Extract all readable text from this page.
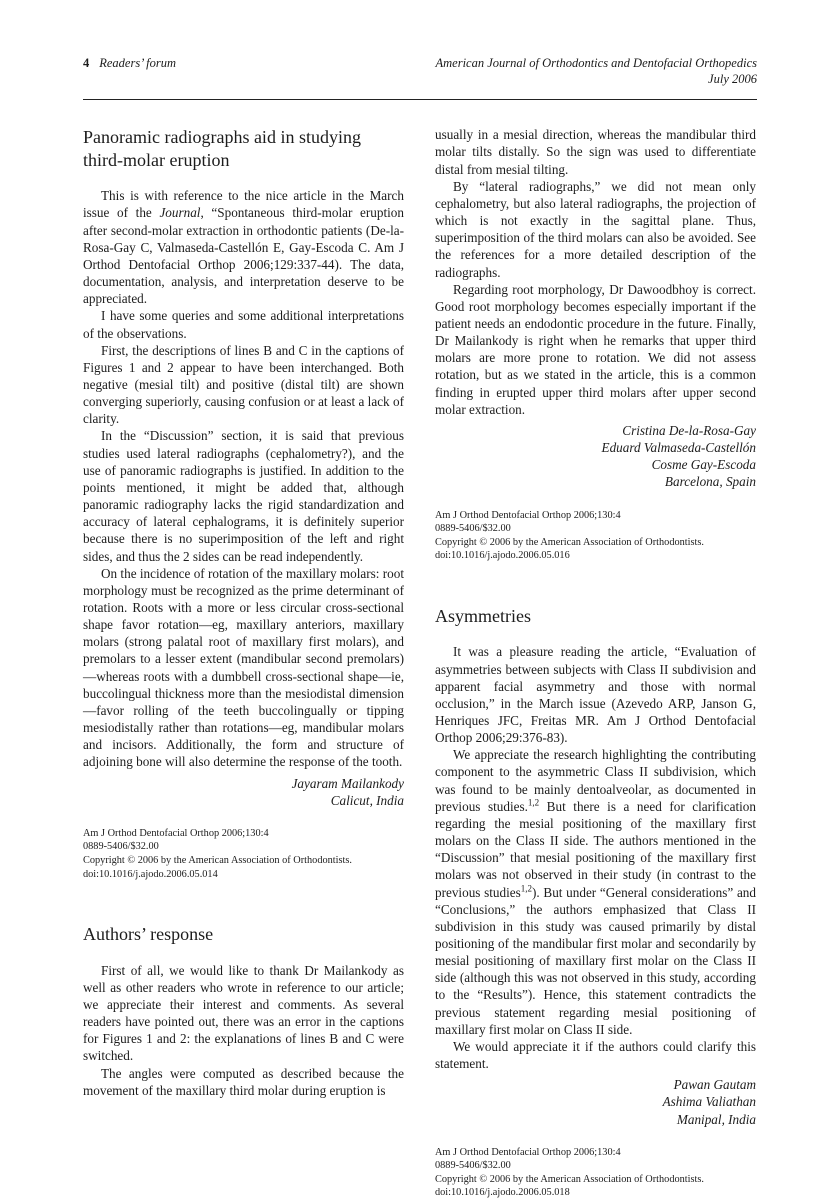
4 Readers’ forum	American Journal of Orthodontics and Dentofacial Orthopedics
July 2006
Panoramic radiographs aid in studying third-molar eruption

This is with reference to the nice article in the March issue of the Journal, “Spontaneous third-molar eruption after second-molar extraction in orthodontic patients (De-la-Rosa-Gay C, Valmaseda-Castellón E, Gay-Escoda C. Am J Orthod Dentofacial Orthop 2006;129:337-44). The data, documentation, analysis, and interpretation deserve to be appreciated.

I have some queries and some additional interpretations of the observations.

First, the descriptions of lines B and C in the captions of Figures 1 and 2 appear to have been interchanged. Both negative (mesial tilt) and positive (distal tilt) are shown converging superiorly, causing confusion or at least a lack of clarity.

In the “Discussion” section, it is said that previous studies used lateral radiographs (cephalometry?), and the use of panoramic radiographs is justified. In addition to the points mentioned, it might be added that, although panoramic radiography lacks the rigid standardization and accuracy of lateral cephalograms, it is definitely superior because there is no superimposition of the left and right sides, and thus the 2 sides can be read independently.

On the incidence of rotation of the maxillary molars: root morphology must be recognized as the prime determinant of rotation. Roots with a more or less circular cross-sectional shape favor rotation—eg, maxillary anteriors, maxillary molars (strong palatal root of maxillary first molars), and premolars to a lesser extent (mandibular second premolars)—whereas roots with a dumbbell cross-sectional shape—ie, buccolingual thickness more than the mesiodistal dimension—favor rolling of the teeth buccolingually or tipping mesiodistally rather than rotations—eg, mandibular molars and incisors. Additionally, the form and structure of adjoining bone will also determine the response of the tooth.

Jayaram Mailankody
Calicut, India
Am J Orthod Dentofacial Orthop 2006;130:4
0889-5406/$32.00
Copyright © 2006 by the American Association of Orthodontists.
doi:10.1016/j.ajodo.2006.05.014
Authors’ response

First of all, we would like to thank Dr Mailankody as well as other readers who wrote in reference to our article; we appreciate their interest and comments. As several readers have pointed out, there was an error in the captions for Figures 1 and 2: the explanations of lines B and C were switched.

The angles were computed as described because the movement of the maxillary third molar during eruption is

usually in a mesial direction, whereas the mandibular third molar tilts distally. So the sign was used to differentiate distal from mesial tilting.

By “lateral radiographs,” we did not mean only cephalometry, but also lateral radiographs, the projection of which is not exactly in the sagittal plane. Thus, superimposition of the third molars can also be avoided. See the references for a more detailed description of the radiographs.

Regarding root morphology, Dr Dawoodbhoy is correct. Good root morphology becomes especially important if the patient needs an endodontic procedure in the future. Finally, Dr Mailankody is right when he remarks that upper third molars are more prone to rotation. We did not assess rotation, but as we stated in the article, this is a common finding in erupted upper third molars after upper second molar extraction.

Cristina De-la-Rosa-Gay
Eduard Valmaseda-Castellón
Cosme Gay-Escoda
Barcelona, Spain
Am J Orthod Dentofacial Orthop 2006;130:4
0889-5406/$32.00
Copyright © 2006 by the American Association of Orthodontists.
doi:10.1016/j.ajodo.2006.05.016
Asymmetries

It was a pleasure reading the article, “Evaluation of asymmetries between subjects with Class II subdivision and apparent facial asymmetry and those with normal occlusion,” in the March issue (Azevedo ARP, Janson G, Henriques JFC, Freitas MR. Am J Orthod Dentofacial Orthop 2006;29:376-83).

We appreciate the research highlighting the contributing component to the asymmetric Class II subdivision, which was found to be mainly dentoalveolar, as documented in previous studies.$^{1,2}$ But there is a need for clarification regarding the mesial positioning of the maxillary first molars on the Class II side. The authors mentioned in the “Discussion” that mesial positioning of the maxillary first molars was not observed in their study (in contrast to the previous studies$^{1,2}$). But under “General considerations” and “Conclusions,” the authors emphasized that Class II subdivision in this study was caused primarily by distal positioning of the mandibular first molar and secondarily by mesial positioning of maxillary first molar on the Class II side (although this was not observed in this study, according to the “Results”). Hence, this statement contradicts the previous statement regarding mesial positioning of maxillary first molar on Class II side.

We would appreciate it if the authors could clarify this statement.

Pawan Gautam
Ashima Valiathan
Manipal, India
Am J Orthod Dentofacial Orthop 2006;130:4
0889-5406/$32.00
Copyright © 2006 by the American Association of Orthodontists.
doi:10.1016/j.ajodo.2006.05.018
